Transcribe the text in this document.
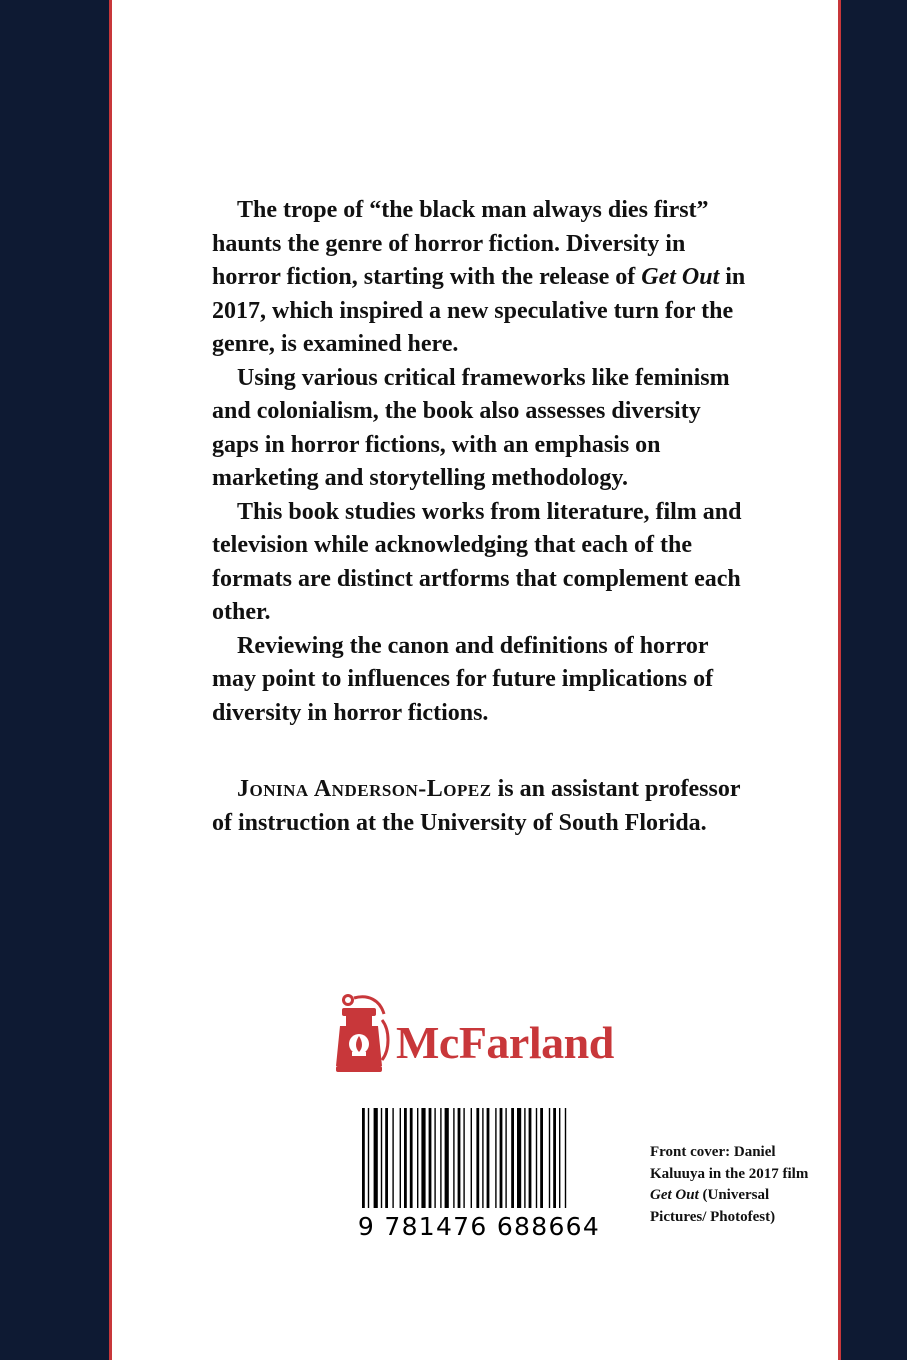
The trope of “the black man always dies first” haunts the genre of horror fiction. Diversity in horror fiction, starting with the release of Get Out in 2017, which inspired a new speculative turn for the genre, is examined here.

Using various critical frameworks like feminism and colonialism, the book also assesses diversity gaps in horror fictions, with an emphasis on marketing and storytelling methodology.

This book studies works from literature, film and television while acknowledging that each of the formats are distinct artforms that complement each other.

Reviewing the canon and definitions of horror may point to influences for future implications of diversity in horror fictions.

Jonina Anderson-Lopez is an assistant professor of instruction at the University of South Florida.
McFarland
9 781476 688664
Front cover: Daniel Kaluuya in the 2017 film Get Out (Universal Pictures/ Photofest)
